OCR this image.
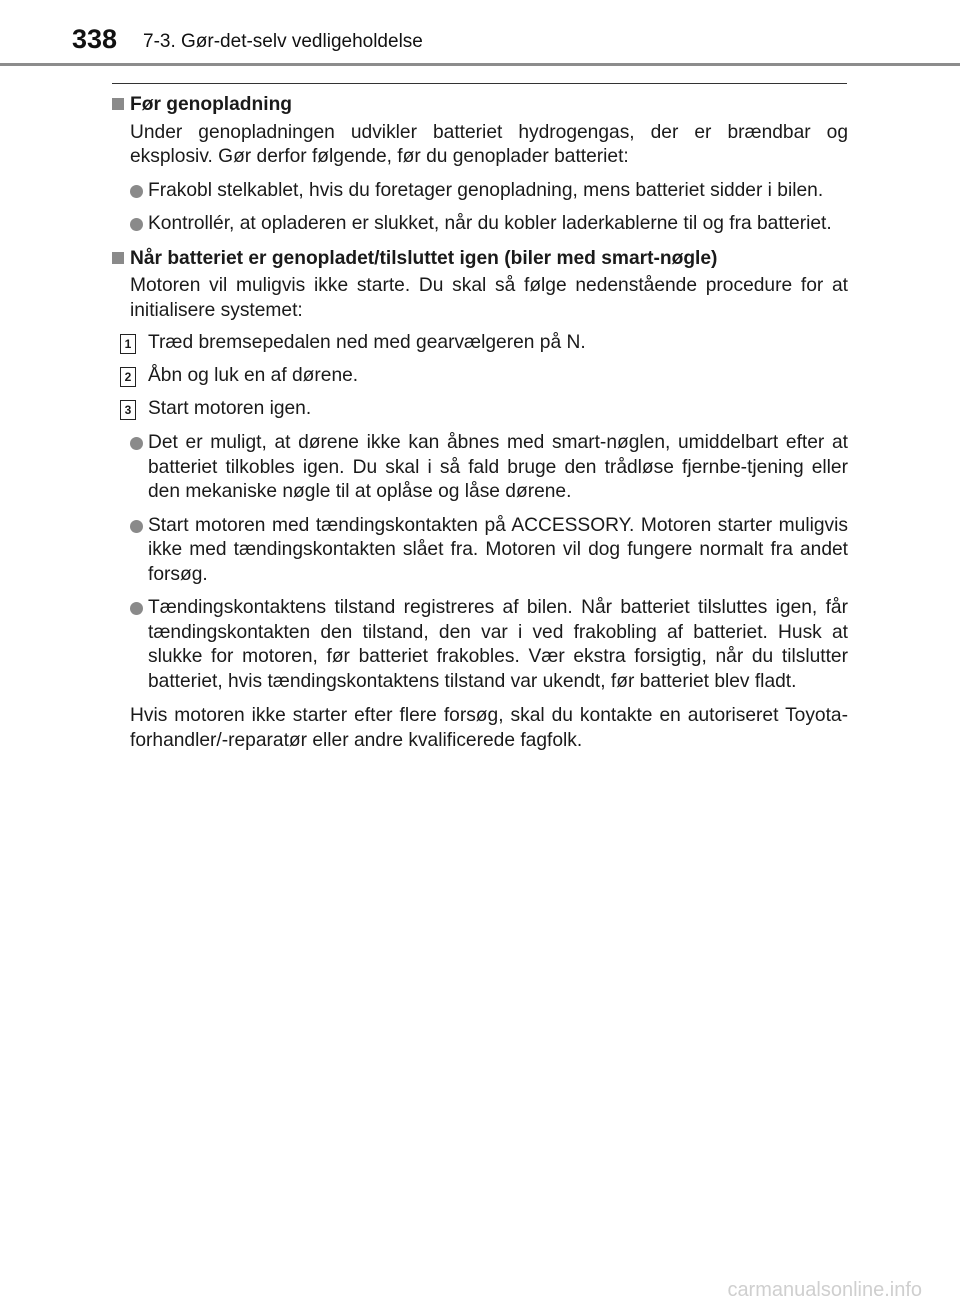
338 7-3. Gør-det-selv vedligeholdelse
Før genopladning

Under genopladningen udvikler batteriet hydrogengas, der er brændbar og eksplosiv. Gør derfor følgende, før du genoplader batteriet:

Frakobl stelkablet, hvis du foretager genopladning, mens batteriet sidder i bilen.
Kontrollér, at opladeren er slukket, når du kobler laderkablerne til og fra batteriet.
Når batteriet er genopladet/tilsluttet igen (biler med smart-nøgle)

Motoren vil muligvis ikke starte. Du skal så følge nedenstående procedure for at initialisere systemet:

1 Træd bremsepedalen ned med gearvælgeren på N.
2 Åbn og luk en af dørene.
3 Start motoren igen.
Det er muligt, at dørene ikke kan åbnes med smart-nøglen, umiddelbart efter at batteriet tilkobles igen. Du skal i så fald bruge den trådløse fjernbe-tjening eller den mekaniske nøgle til at oplåse og låse dørene.
Start motoren med tændingskontakten på ACCESSORY. Motoren starter muligvis ikke med tændingskontakten slået fra. Motoren vil dog fungere normalt fra andet forsøg.
Tændingskontaktens tilstand registreres af bilen. Når batteriet tilsluttes igen, får tændingskontakten den tilstand, den var i ved frakobling af batteriet. Husk at slukke for motoren, før batteriet frakobles. Vær ekstra forsigtig, når du tilslutter batteriet, hvis tændingskontaktens tilstand var ukendt, før batteriet blev fladt.

Hvis motoren ikke starter efter flere forsøg, skal du kontakte en autoriseret Toyota-forhandler/-reparatør eller andre kvalificerede fagfolk.

carmanualsonline.info
